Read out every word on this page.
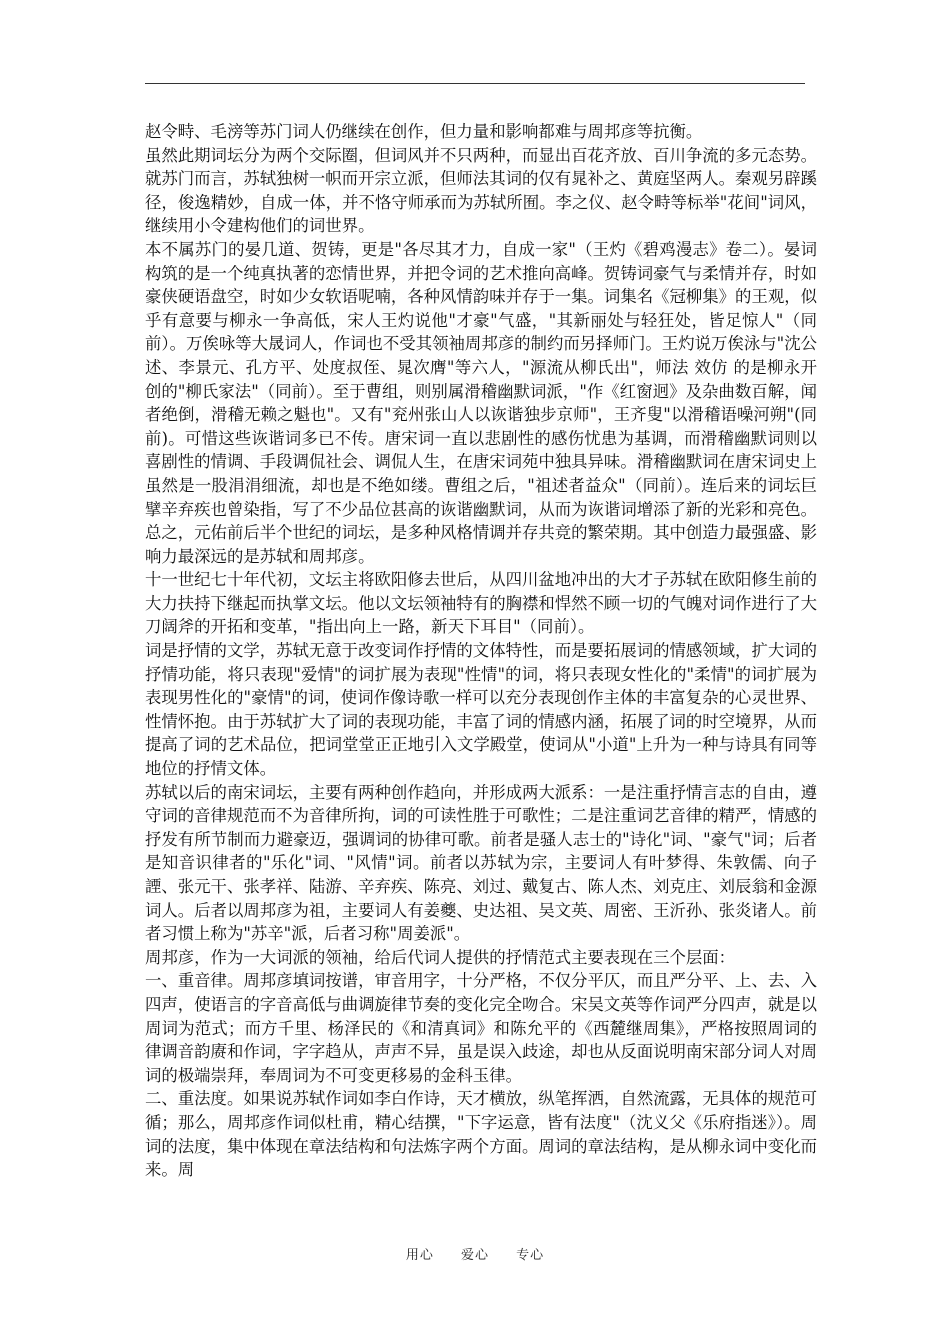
赵令畤、毛滂等苏门词人仍继续在创作，但力量和影响都难与周邦彦等抗衡。

虽然此期词坛分为两个交际圈，但词风并不只两种，而显出百花齐放、百川争流的多元态势。就苏门而言，苏轼独树一帜而开宗立派，但师法其词的仅有晁补之、黄庭坚两人。秦观另辟蹊径，俊逸精妙，自成一体，并不恪守师承而为苏轼所囿。李之仪、赵令畤等标举"花间"词风，继续用小令建构他们的词世界。

本不属苏门的晏几道、贺铸，更是"各尽其才力，自成一家"（王灼《碧鸡漫志》卷二）。晏词构筑的是一个纯真执著的恋情世界，并把令词的艺术推向高峰。贺铸词豪气与柔情并存，时如豪侠硬语盘空，时如少女软语呢喃，各种风情韵味并存于一集。词集名《冠柳集》的王观，似乎有意要与柳永一争高低，宋人王灼说他"才豪"气盛，"其新丽处与轻狂处，皆足惊人"（同前）。万俟咏等大晟词人，作词也不受其领袖周邦彦的制约而另择师门。王灼说万俟泳与"沈公述、李景元、孔方平、处度叔侄、晁次膺"等六人，"源流从柳氏出"，师法 效仿 的是柳永开创的"柳氏家法"（同前）。至于曹组，则别属滑稽幽默词派，"作《红窗迥》及杂曲数百解，闻者绝倒，滑稽无赖之魁也"。又有"兖州张山人以诙谐独步京师"，王齐叟"以滑稽语噪河朔"(同前)。可惜这些诙谐词多已不传。唐宋词一直以悲剧性的感伤忧患为基调，而滑稽幽默词则以喜剧性的情调、手段调侃社会、调侃人生，在唐宋词苑中独具异味。滑稽幽默词在唐宋词史上虽然是一股涓涓细流，却也是不绝如缕。曹组之后，"祖述者益众"（同前）。连后来的词坛巨擘辛弃疾也曾染指，写了不少品位甚高的诙谐幽默词，从而为诙谐词增添了新的光彩和亮色。总之，元佑前后半个世纪的词坛，是多种风格情调并存共竞的繁荣期。其中创造力最强盛、影响力最深远的是苏轼和周邦彦。

十一世纪七十年代初，文坛主将欧阳修去世后，从四川盆地冲出的大才子苏轼在欧阳修生前的大力扶持下继起而执掌文坛。他以文坛领袖特有的胸襟和悍然不顾一切的气魄对词作进行了大刀阔斧的开拓和变革，"指出向上一路，新天下耳目"（同前）。

词是抒情的文学，苏轼无意于改变词作抒情的文体特性，而是要拓展词的情感领域，扩大词的抒情功能，将只表现"爱情"的词扩展为表现"性情"的词，将只表现女性化的"柔情"的词扩展为表现男性化的"豪情"的词，使词作像诗歌一样可以充分表现创作主体的丰富复杂的心灵世界、性情怀抱。由于苏轼扩大了词的表现功能，丰富了词的情感内涵，拓展了词的时空境界，从而提高了词的艺术品位，把词堂堂正正地引入文学殿堂，使词从"小道"上升为一种与诗具有同等地位的抒情文体。

苏轼以后的南宋词坛，主要有两种创作趋向，并形成两大派系：一是注重抒情言志的自由，遵守词的音律规范而不为音律所拘，词的可读性胜于可歌性；二是注重词艺音律的精严，情感的抒发有所节制而力避豪迈，强调词的协律可歌。前者是骚人志士的"诗化"词、"豪气"词；后者是知音识律者的"乐化"词、"风情"词。前者以苏轼为宗，主要词人有叶梦得、朱敦儒、向子諲、张元干、张孝祥、陆游、辛弃疾、陈亮、刘过、戴复古、陈人杰、刘克庄、刘辰翁和金源词人。后者以周邦彦为祖，主要词人有姜夔、史达祖、吴文英、周密、王沂孙、张炎诸人。前者习惯上称为"苏辛"派，后者习称"周姜派"。

周邦彦，作为一大词派的领袖，给后代词人提供的抒情范式主要表现在三个层面：

一、重音律。周邦彦填词按谱，审音用字，十分严格，不仅分平仄，而且严分平、上、去、入四声，使语言的字音高低与曲调旋律节奏的变化完全吻合。宋吴文英等作词严分四声，就是以周词为范式；而方千里、杨泽民的《和清真词》和陈允平的《西麓继周集》，严格按照周词的律调音韵赓和作词，字字趋从，声声不异，虽是误入歧途，却也从反面说明南宋部分词人对周词的极端崇拜，奉周词为不可变更移易的金科玉律。

二、重法度。如果说苏轼作词如李白作诗，天才横放，纵笔挥洒，自然流露，无具体的规范可循；那么，周邦彦作词似杜甫，精心结撰，"下字运意，皆有法度"（沈义父《乐府指迷》）。周词的法度，集中体现在章法结构和句法炼字两个方面。周词的章法结构，是从柳永词中变化而来。周

用心 爱心 专心
